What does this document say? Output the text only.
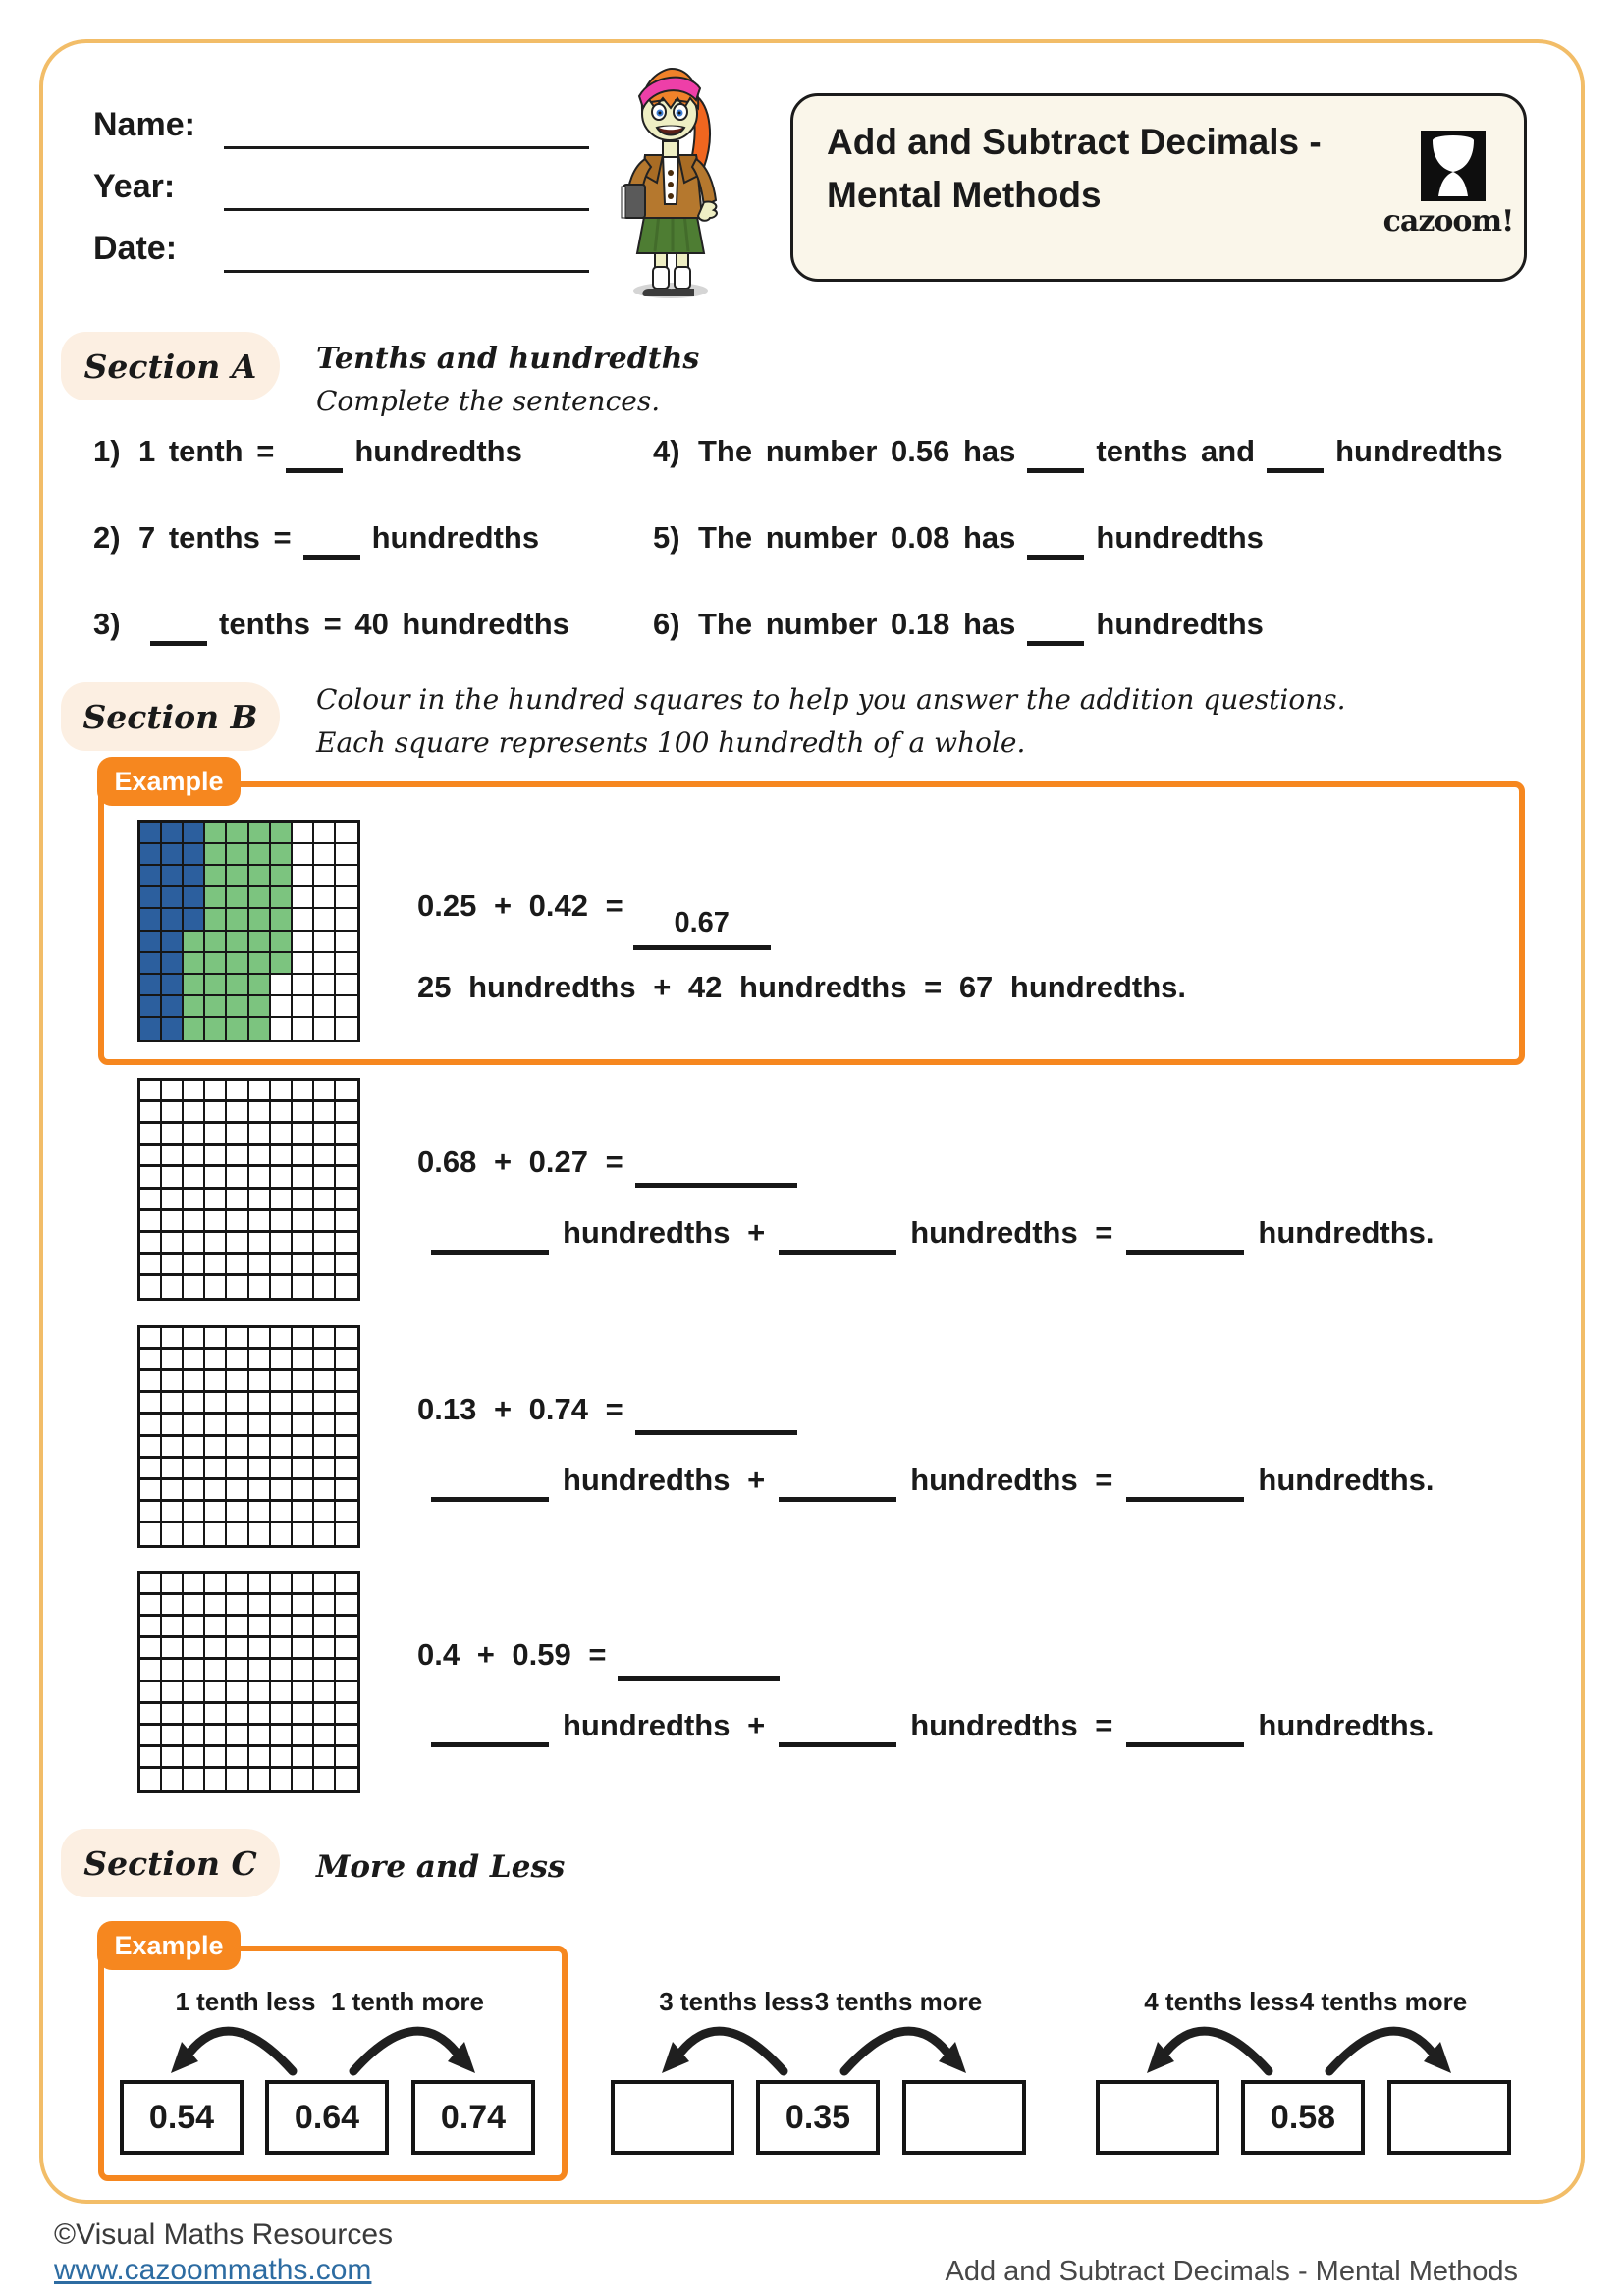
Name:
Year:
Date:
Add and Subtract Decimals -
Mental Methods
cazoom!
Section A	Tenths and hundredths
Complete the sentences.
1) 1 tenth =	hundredths
2) 7 tenths =	hundredths
3)	tenths = 40 hundredths
4) The number 0.56 has	tenths and	hundredths
5) The number 0.08 has	hundredths
6) The number 0.18 has	hundredths
Section B	Colour in the hundred squares to help you answer the addition questions.
Each square represents 100 hundredth of a whole.
Example
0.25 + 0.42 = 0.67
25 hundredths + 42 hundredths = 67 hundredths.
0.68 + 0.27 =
hundredths +	hundredths =	hundredths.
0.13 + 0.74 =
hundredths +	hundredths =	hundredths.
0.4 + 0.59 =
hundredths +	hundredths =	hundredths.
Section C	More and Less
Example
1 tenth less 1 tenth more
0.54	0.64	0.74
3 tenths less 3 tenths more
0.35
4 tenths less 4 tenths more
0.58
©Visual Maths Resources
www.cazoommaths.com	Add and Subtract Decimals - Mental Methods
